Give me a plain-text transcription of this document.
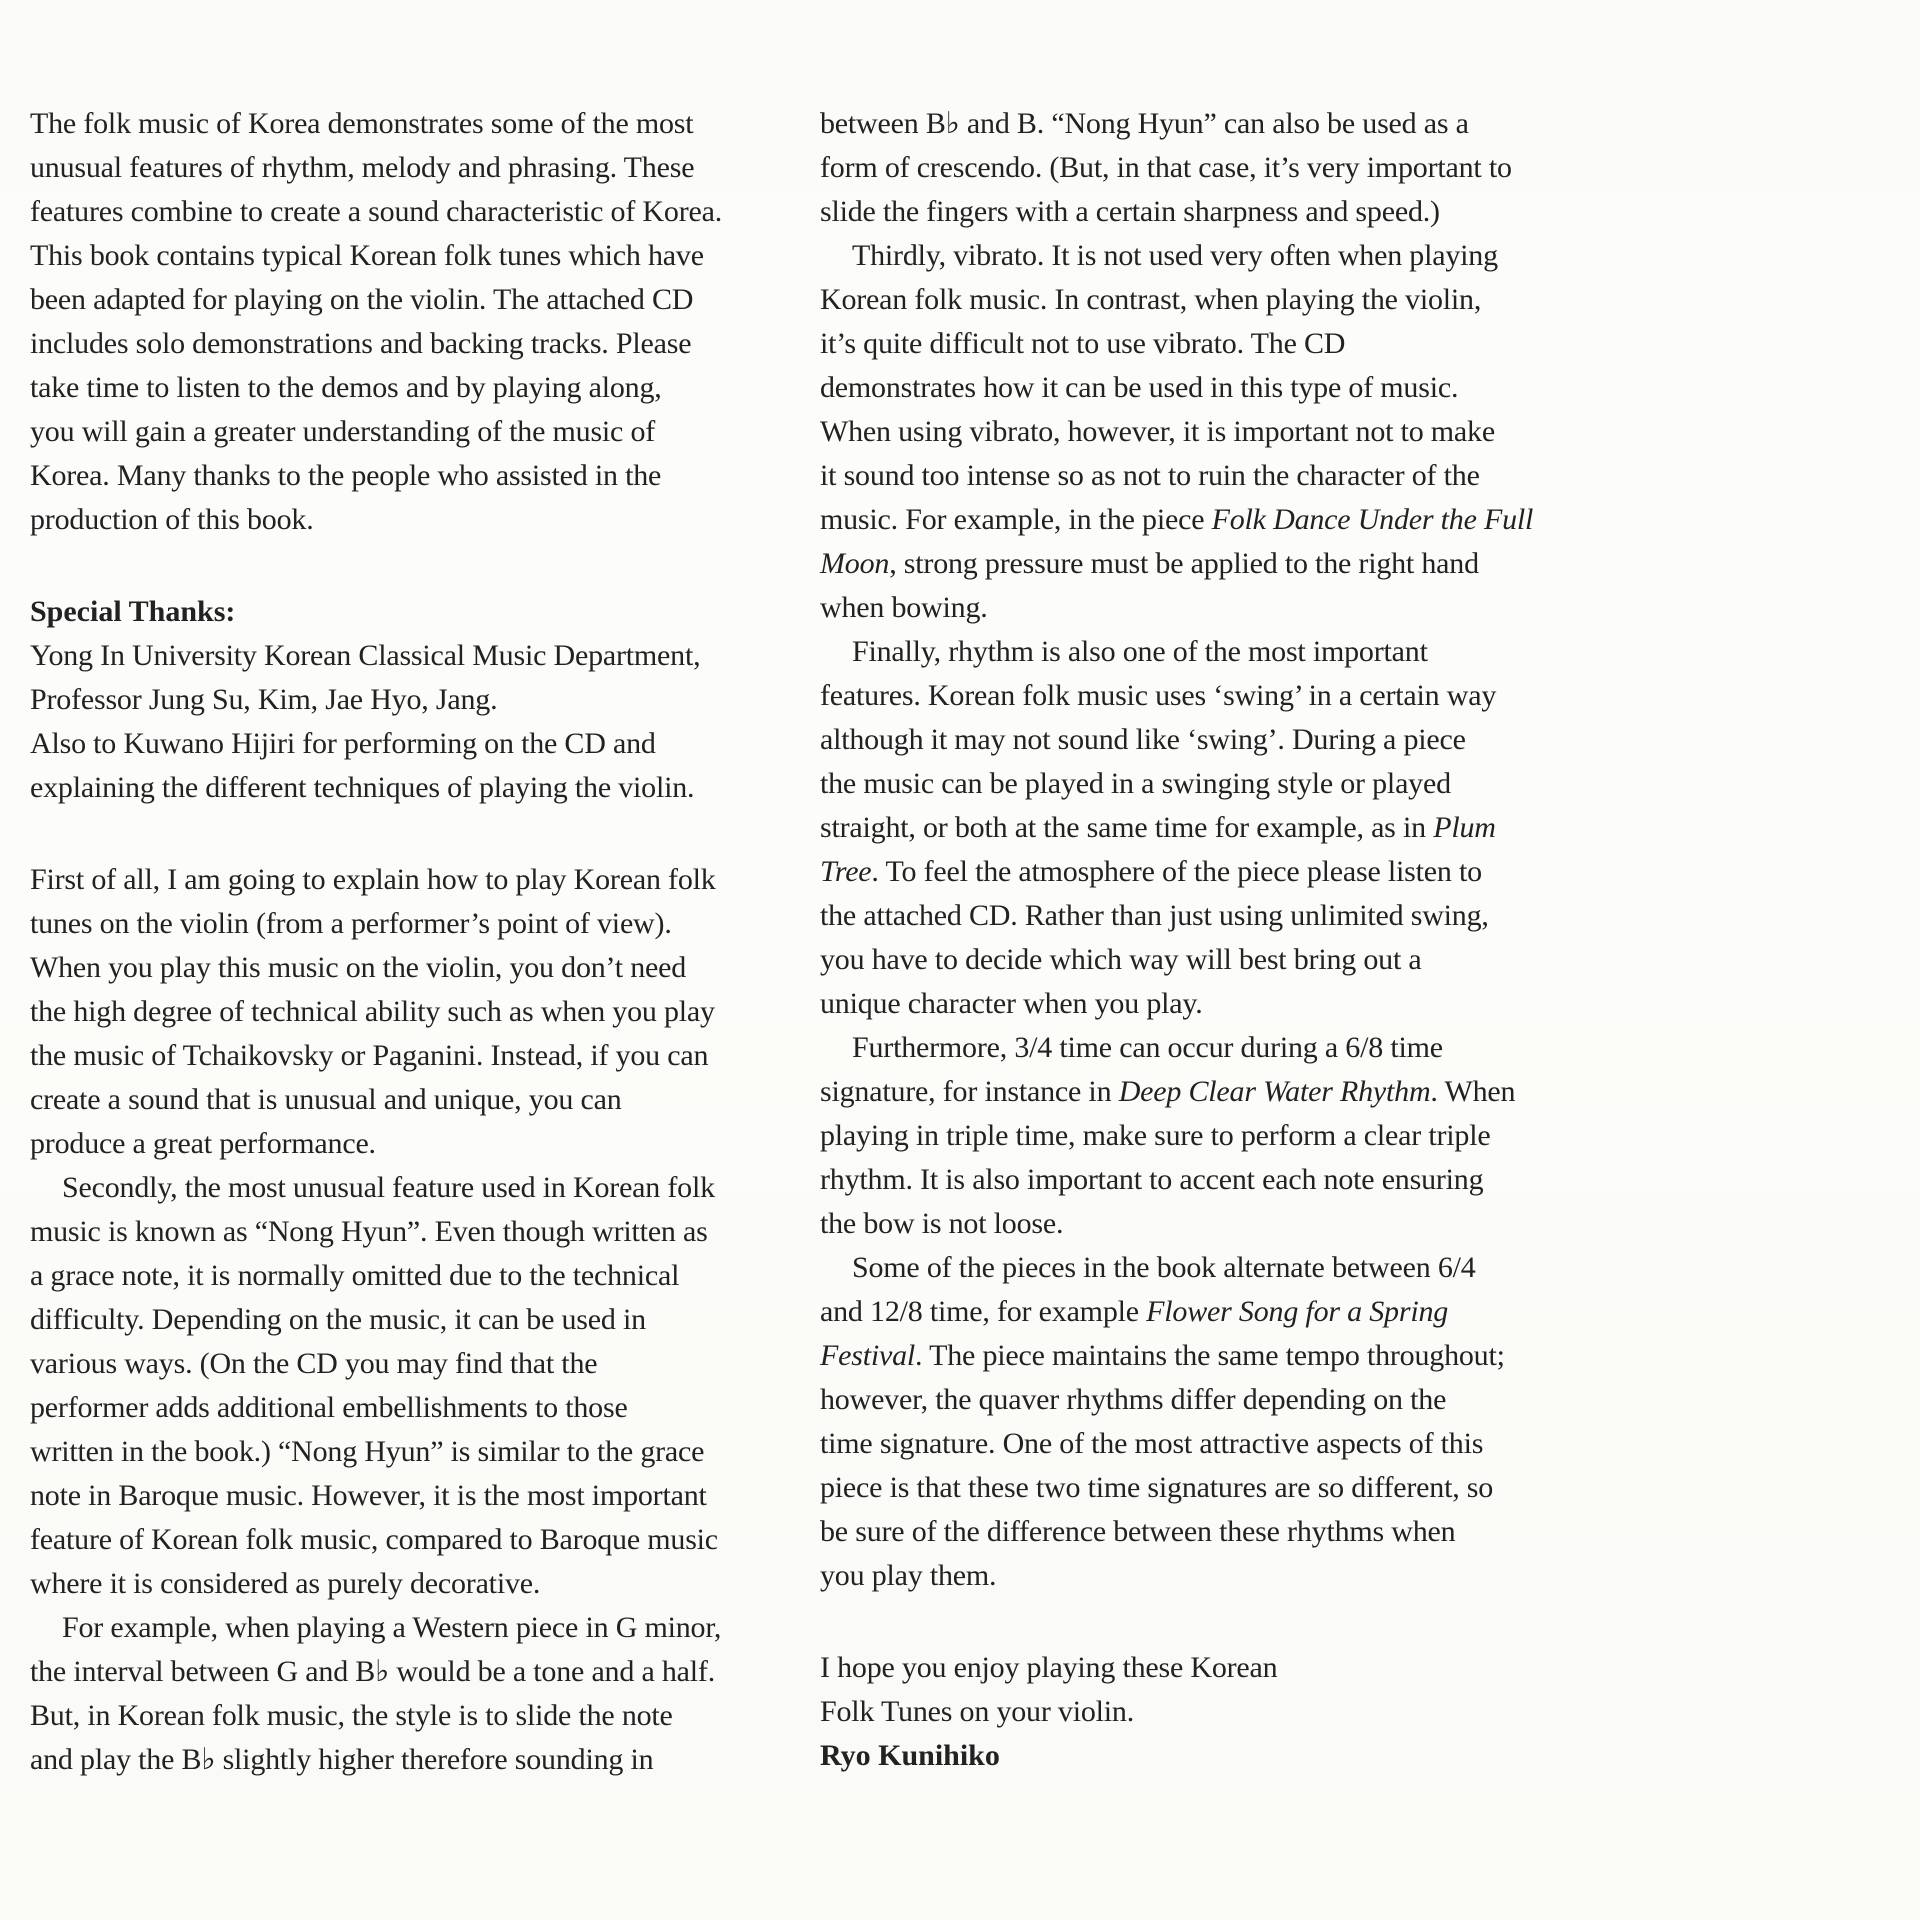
The folk music of Korea demonstrates some of the most
unusual features of rhythm, melody and phrasing. These
features combine to create a sound characteristic of Korea.
This book contains typical Korean folk tunes which have
been adapted for playing on the violin. The attached CD
includes solo demonstrations and backing tracks. Please
take time to listen to the demos and by playing along,
you will gain a greater understanding of the music of
Korea. Many thanks to the people who assisted in the
production of this book.
Special Thanks:
Yong In University Korean Classical Music Department,
Professor Jung Su, Kim, Jae Hyo, Jang.
Also to Kuwano Hijiri for performing on the CD and
explaining the different techniques of playing the violin.
First of all, I am going to explain how to play Korean folk
tunes on the violin (from a performer’s point of view).
When you play this music on the violin, you don’t need
the high degree of technical ability such as when you play
the music of Tchaikovsky or Paganini. Instead, if you can
create a sound that is unusual and unique, you can
produce a great performance.
Secondly, the most unusual feature used in Korean folk
music is known as “Nong Hyun”. Even though written as
a grace note, it is normally omitted due to the technical
difficulty. Depending on the music, it can be used in
various ways. (On the CD you may find that the
performer adds additional embellishments to those
written in the book.) “Nong Hyun” is similar to the grace
note in Baroque music. However, it is the most important
feature of Korean folk music, compared to Baroque music
where it is considered as purely decorative.
For example, when playing a Western piece in G minor,
the interval between G and B♭ would be a tone and a half.
But, in Korean folk music, the style is to slide the note
and play the B♭ slightly higher therefore sounding in
between B♭ and B. “Nong Hyun” can also be used as a
form of crescendo. (But, in that case, it’s very important to
slide the fingers with a certain sharpness and speed.)
Thirdly, vibrato. It is not used very often when playing
Korean folk music. In contrast, when playing the violin,
it’s quite difficult not to use vibrato. The CD
demonstrates how it can be used in this type of music.
When using vibrato, however, it is important not to make
it sound too intense so as not to ruin the character of the
music. For example, in the piece Folk Dance Under the Full
Moon, strong pressure must be applied to the right hand
when bowing.
Finally, rhythm is also one of the most important
features. Korean folk music uses ‘swing’ in a certain way
although it may not sound like ‘swing’. During a piece
the music can be played in a swinging style or played
straight, or both at the same time for example, as in Plum
Tree. To feel the atmosphere of the piece please listen to
the attached CD. Rather than just using unlimited swing,
you have to decide which way will best bring out a
unique character when you play.
Furthermore, 3/4 time can occur during a 6/8 time
signature, for instance in Deep Clear Water Rhythm. When
playing in triple time, make sure to perform a clear triple
rhythm. It is also important to accent each note ensuring
the bow is not loose.
Some of the pieces in the book alternate between 6/4
and 12/8 time, for example Flower Song for a Spring
Festival. The piece maintains the same tempo throughout;
however, the quaver rhythms differ depending on the
time signature. One of the most attractive aspects of this
piece is that these two time signatures are so different, so
be sure of the difference between these rhythms when
you play them.
I hope you enjoy playing these Korean
Folk Tunes on your violin.
Ryo Kunihiko
